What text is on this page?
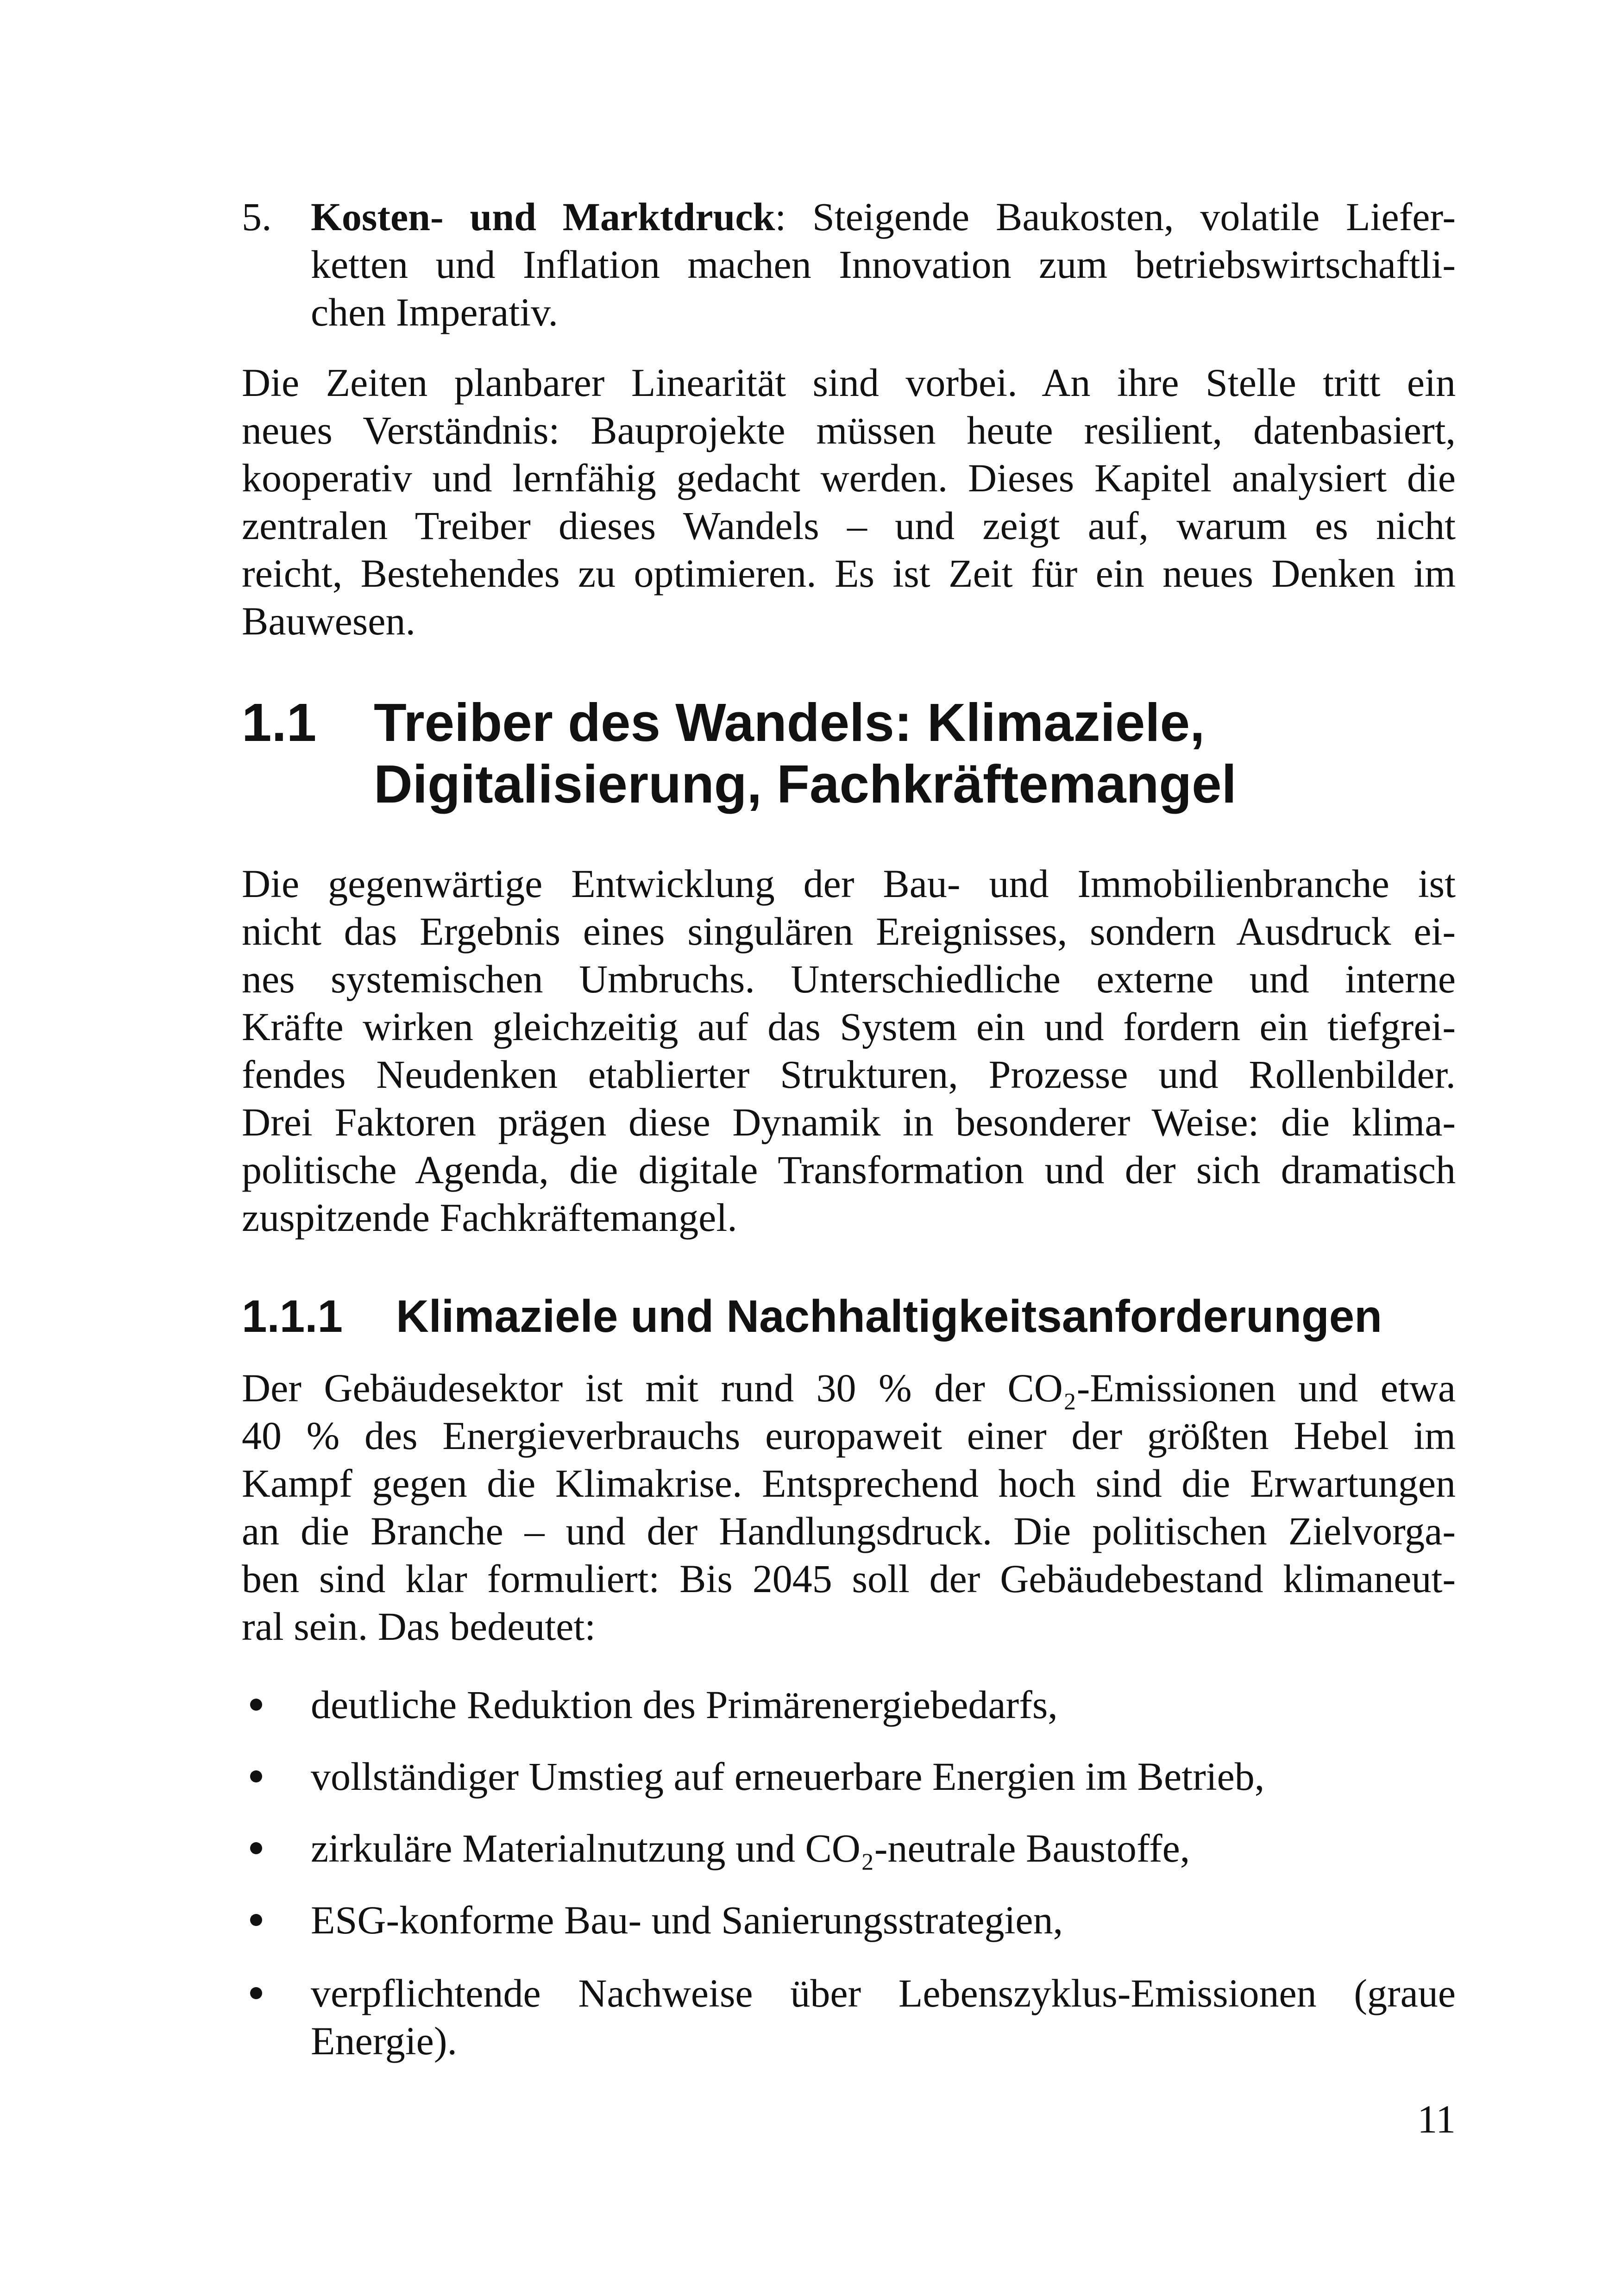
5. Kosten- und Marktdruck: Steigende Baukosten, volatile Liefer-
ketten und Inflation machen Innovation zum betriebswirtschaftli-
chen Imperativ.
Die Zeiten planbarer Linearität sind vorbei. An ihre Stelle tritt ein
neues Verständnis: Bauprojekte müssen heute resilient, datenbasiert,
kooperativ und lernfähig gedacht werden. Dieses Kapitel analysiert die
zentralen Treiber dieses Wandels – und zeigt auf, warum es nicht
reicht, Bestehendes zu optimieren. Es ist Zeit für ein neues Denken im
Bauwesen.
1.1 Treiber des Wandels: Klimaziele,
Digitalisierung, Fachkräftemangel
Die gegenwärtige Entwicklung der Bau- und Immobilienbranche ist
nicht das Ergebnis eines singulären Ereignisses, sondern Ausdruck ei-
nes systemischen Umbruchs. Unterschiedliche externe und interne
Kräfte wirken gleichzeitig auf das System ein und fordern ein tiefgrei-
fendes Neudenken etablierter Strukturen, Prozesse und Rollenbilder.
Drei Faktoren prägen diese Dynamik in besonderer Weise: die klima-
politische Agenda, die digitale Transformation und der sich dramatisch
zuspitzende Fachkräftemangel.
1.1.1 Klimaziele und Nachhaltigkeitsanforderungen
Der Gebäudesektor ist mit rund 30 % der CO₂-Emissionen und etwa
40 % des Energieverbrauchs europaweit einer der größten Hebel im
Kampf gegen die Klimakrise. Entsprechend hoch sind die Erwartungen
an die Branche – und der Handlungsdruck. Die politischen Zielvorga-
ben sind klar formuliert: Bis 2045 soll der Gebäudebestand klimaneut-
ral sein. Das bedeutet:
deutliche Reduktion des Primärenergiebedarfs,
vollständiger Umstieg auf erneuerbare Energien im Betrieb,
zirkuläre Materialnutzung und CO₂-neutrale Baustoffe,
ESG-konforme Bau- und Sanierungsstrategien,
verpflichtende Nachweise über Lebenszyklus-Emissionen (graue
Energie).
11
